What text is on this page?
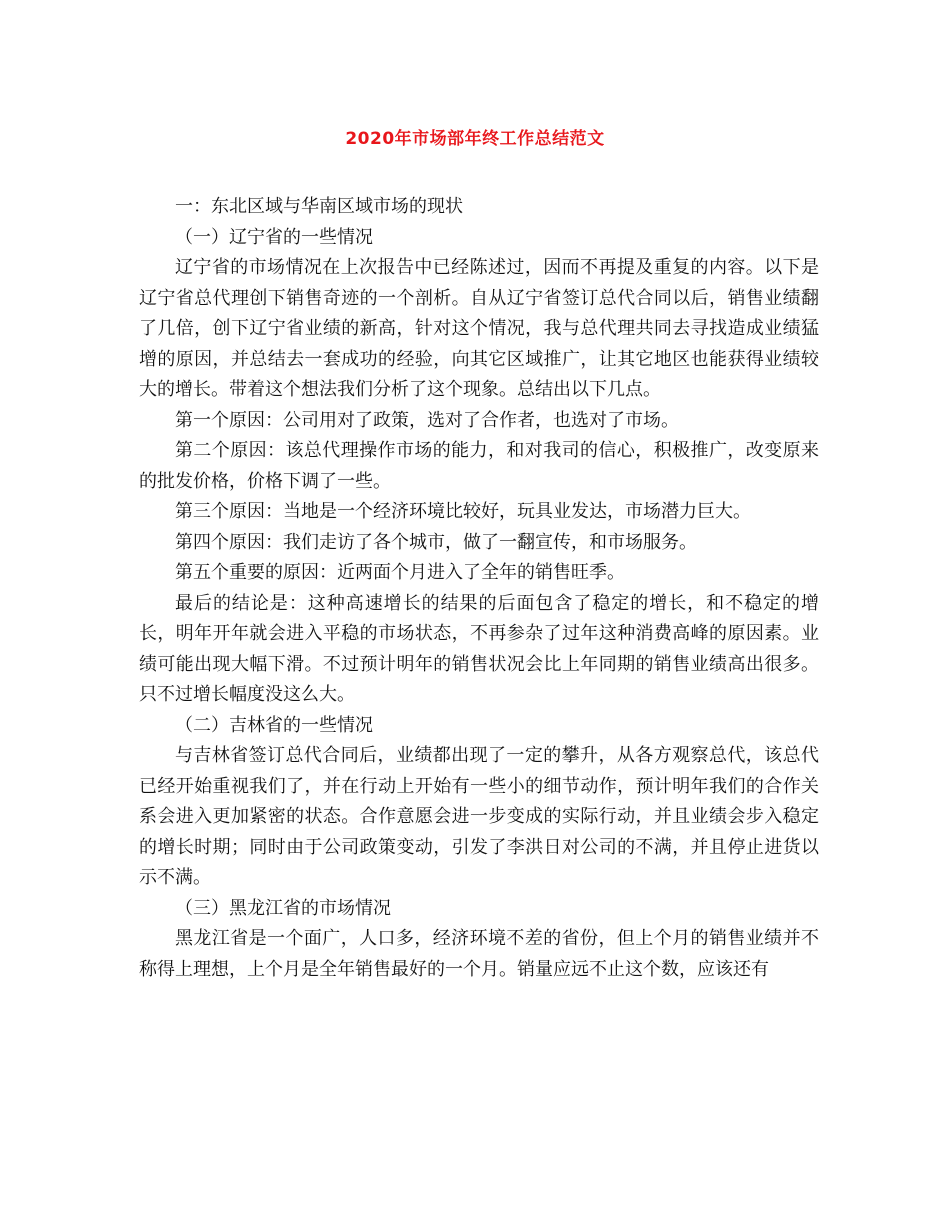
2020年市场部年终工作总结范文

一：东北区域与华南区域市场的现状

（一）辽宁省的一些情况

辽宁省的市场情况在上次报告中已经陈述过，因而不再提及重复的内容。以下是辽宁省总代理创下销售奇迹的一个剖析。自从辽宁省签订总代合同以后，销售业绩翻了几倍，创下辽宁省业绩的新高，针对这个情况，我与总代理共同去寻找造成业绩猛增的原因，并总结去一套成功的经验，向其它区域推广，让其它地区也能获得业绩较大的增长。带着这个想法我们分析了这个现象。总结出以下几点。

第一个原因：公司用对了政策，选对了合作者，也选对了市场。

第二个原因：该总代理操作市场的能力，和对我司的信心，积极推广，改变原来的批发价格，价格下调了一些。

第三个原因：当地是一个经济环境比较好，玩具业发达，市场潜力巨大。

第四个原因：我们走访了各个城市，做了一翻宣传，和市场服务。

第五个重要的原因：近两面个月进入了全年的销售旺季。

最后的结论是：这种高速增长的结果的后面包含了稳定的增长，和不稳定的增长，明年开年就会进入平稳的市场状态，不再参杂了过年这种消费高峰的原因素。业绩可能出现大幅下滑。不过预计明年的销售状况会比上年同期的销售业绩高出很多。只不过增长幅度没这么大。

（二）吉林省的一些情况

与吉林省签订总代合同后，业绩都出现了一定的攀升，从各方观察总代，该总代已经开始重视我们了，并在行动上开始有一些小的细节动作，预计明年我们的合作关系会进入更加紧密的状态。合作意愿会进一步变成的实际行动，并且业绩会步入稳定的增长时期；同时由于公司政策变动，引发了李洪日对公司的不满，并且停止进货以示不满。

（三）黑龙江省的市场情况

黑龙江省是一个面广，人口多，经济环境不差的省份，但上个月的销售业绩并不称得上理想，上个月是全年销售最好的一个月。销量应远不止这个数，应该还有
